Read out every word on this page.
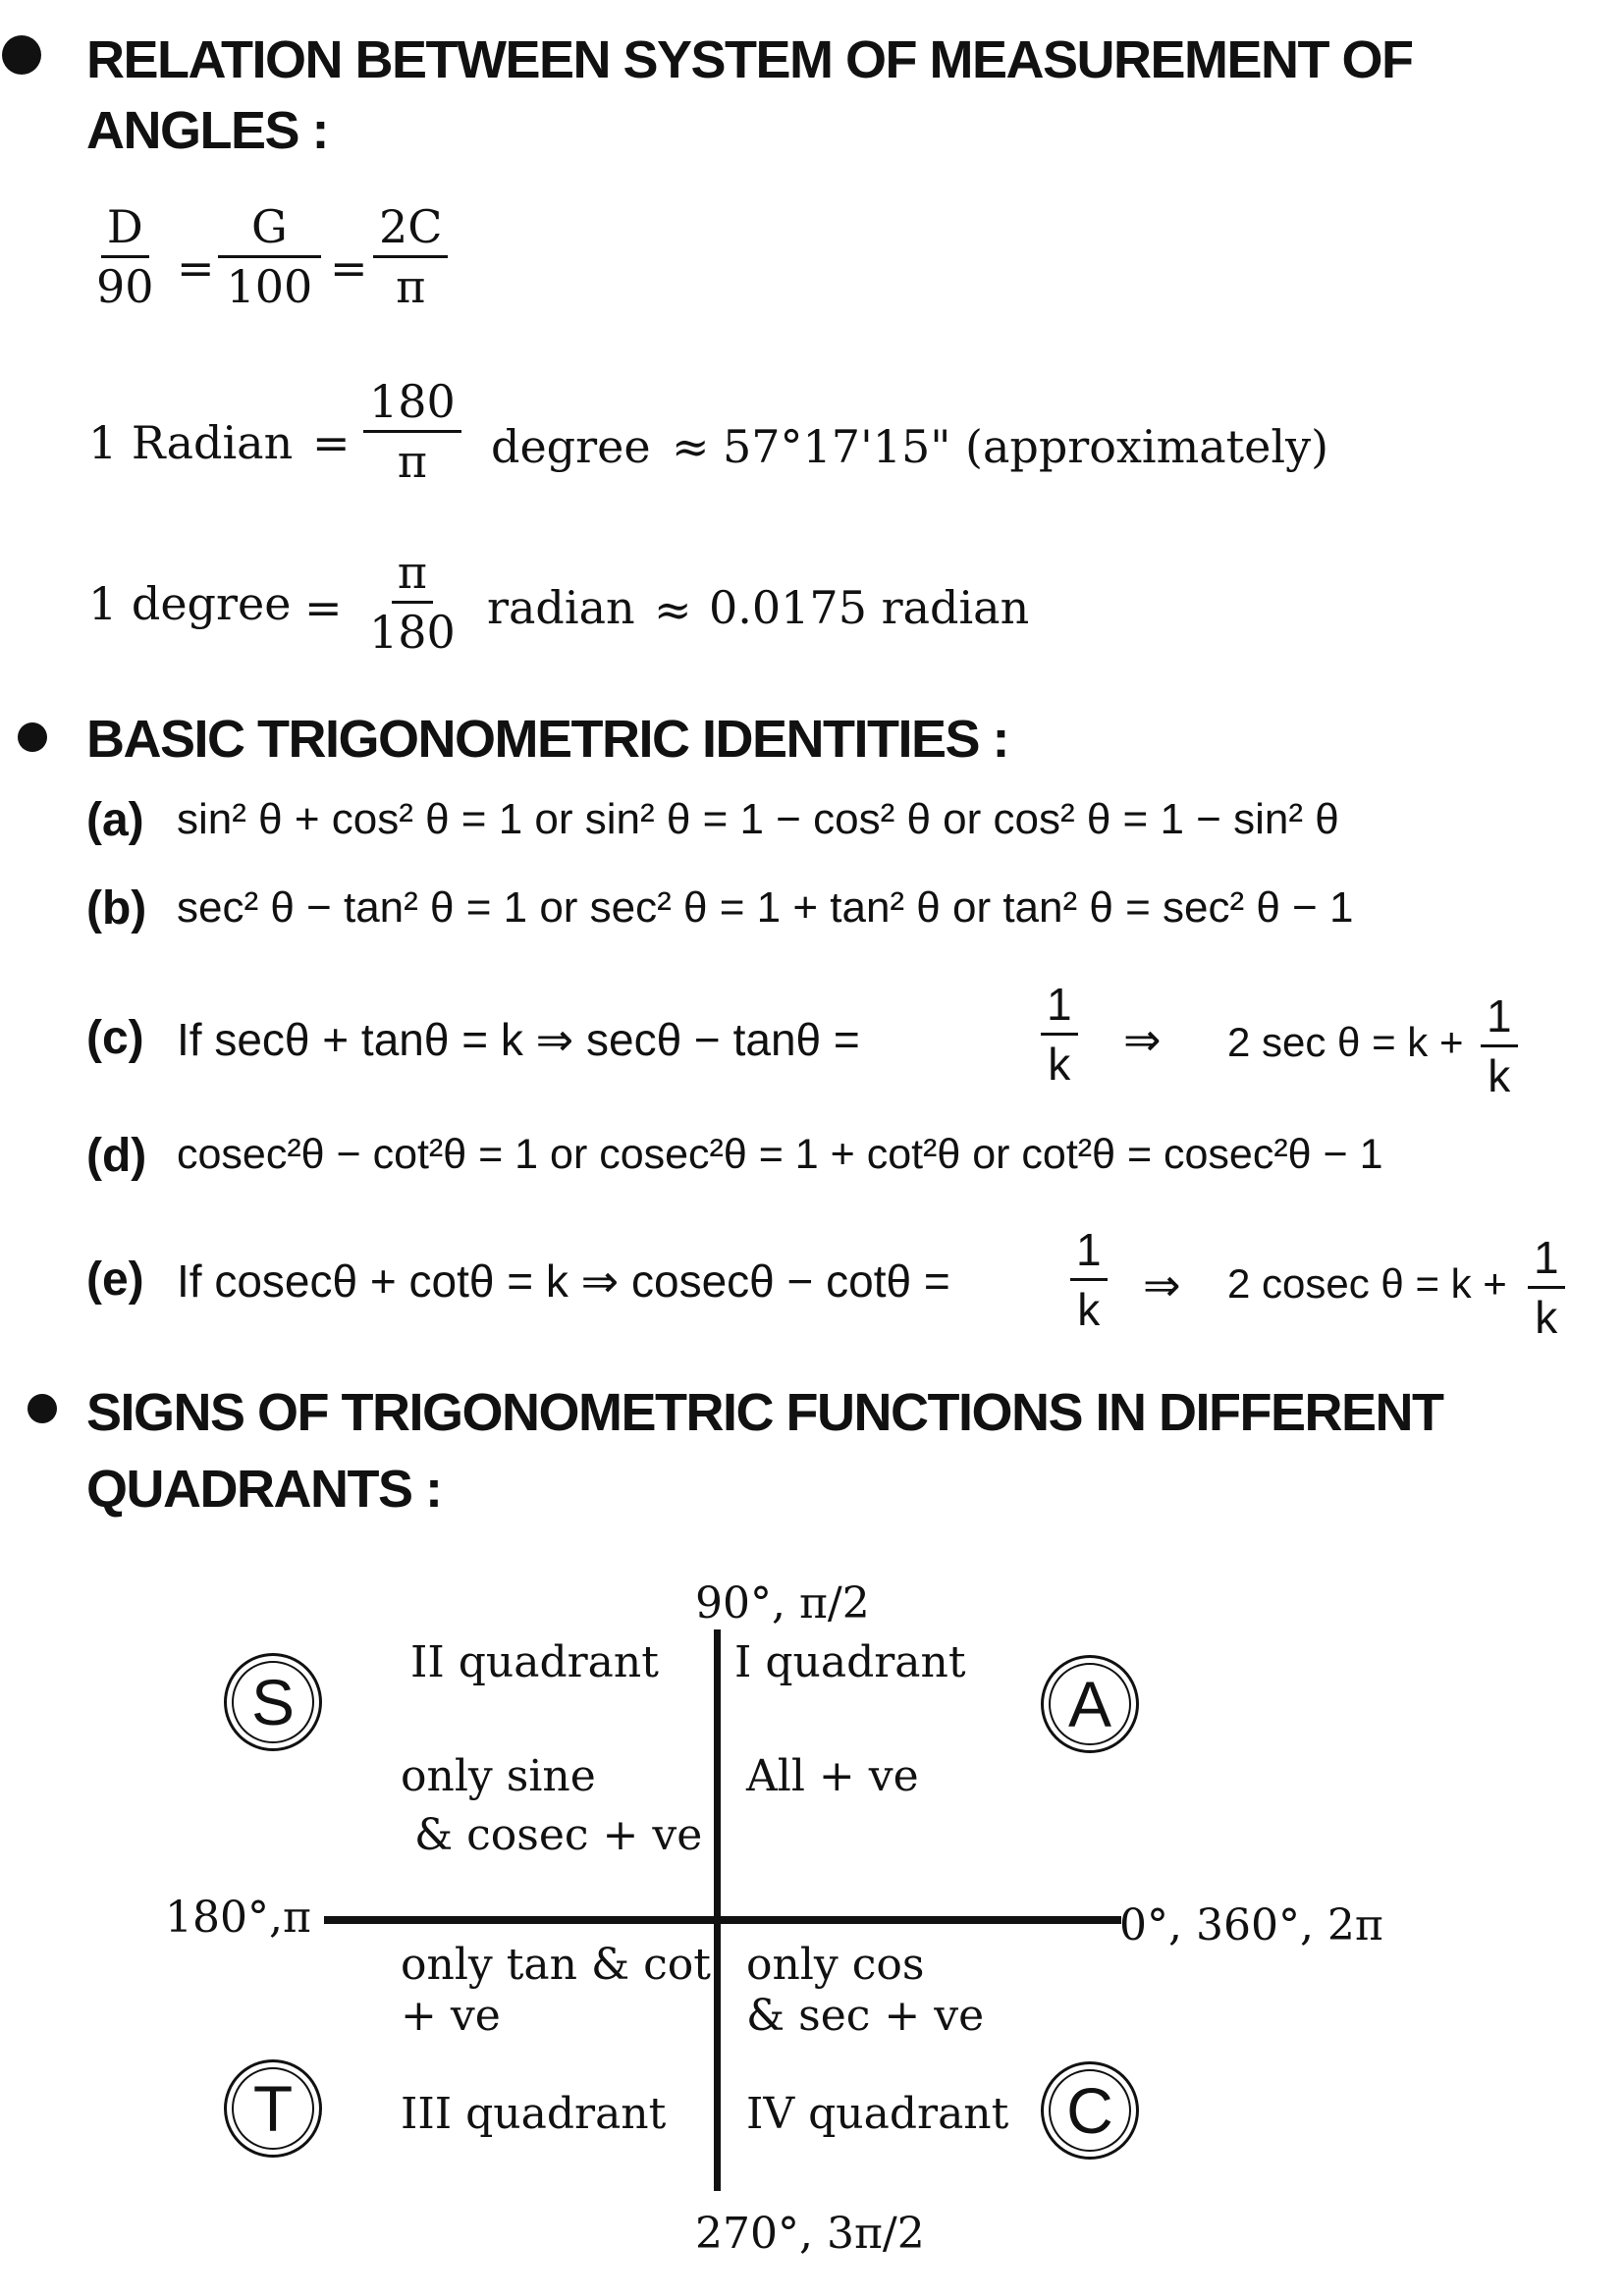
RELATION BETWEEN SYSTEM OF MEASUREMENT OF
ANGLES :
$\frac{D}{90} = \frac{G}{100} = \frac{2C}{\pi}$
1 Radian = $\frac{180}{\pi}$ degree ≈ 57°17'15" (approximately)
1 degree = $\frac{\pi}{180}$ radian ≈ 0.0175 radian
BASIC TRIGONOMETRIC IDENTITIES :
(a) sin² θ + cos² θ = 1 or sin² θ = 1 − cos² θ or cos² θ = 1 − sin² θ
(b) sec² θ − tan² θ = 1 or sec² θ = 1 + tan² θ or tan² θ = sec² θ − 1
(c) If secθ + tanθ = k ⇒ secθ − tanθ =	$\frac{1}{k}$ ⇒ 2 $\sec \theta = k + \frac{1}{k}$
(d) cosec²θ − cot²θ = 1 or cosec²θ = 1 + cot²θ or cot²θ = cosec²θ − 1
(e) If cosecθ + cotθ = k ⇒ cosecθ − cotθ =	$\frac{1}{k}$ ⇒ 2 cosec $\theta = k + \frac{1}{k}$
SIGNS OF TRIGONOMETRIC FUNCTIONS IN DIFFERENT
QUADRANTS :
90°, π/2
180°,π	0°, 360°, 2π
270°, 3π/2
S
II quadrant
only sine
& cosec + ve
A
I quadrant
All + ve
T
only tan & cot
+ ve
III quadrant	C
only cos
& sec + ve
IV quadrant
